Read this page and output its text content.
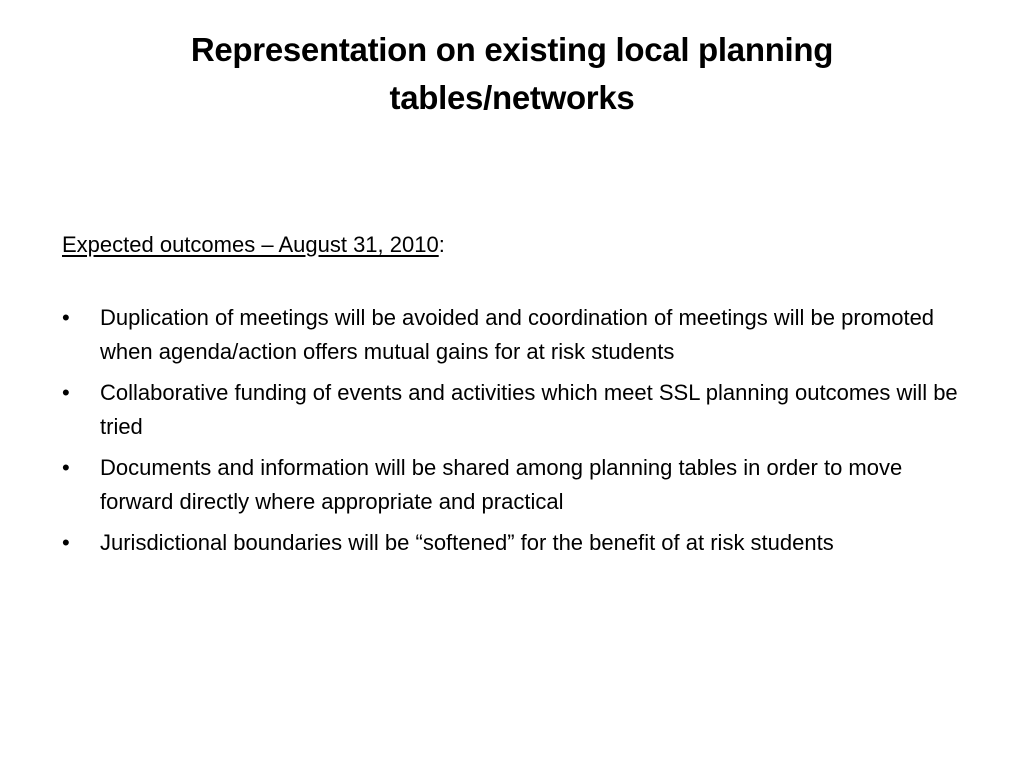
Representation on existing local planning
tables/networks

Expected outcomes – August 31, 2010:

•	Duplication of meetings will be avoided and coordination of meetings will be promoted when agenda/action offers mutual gains for at risk students
•	Collaborative funding of events and activities which meet SSL planning outcomes will be tried
•	Documents and information will be shared among planning tables in order to move forward directly where appropriate and practical
•	Jurisdictional boundaries will be “softened” for the benefit of at risk students
